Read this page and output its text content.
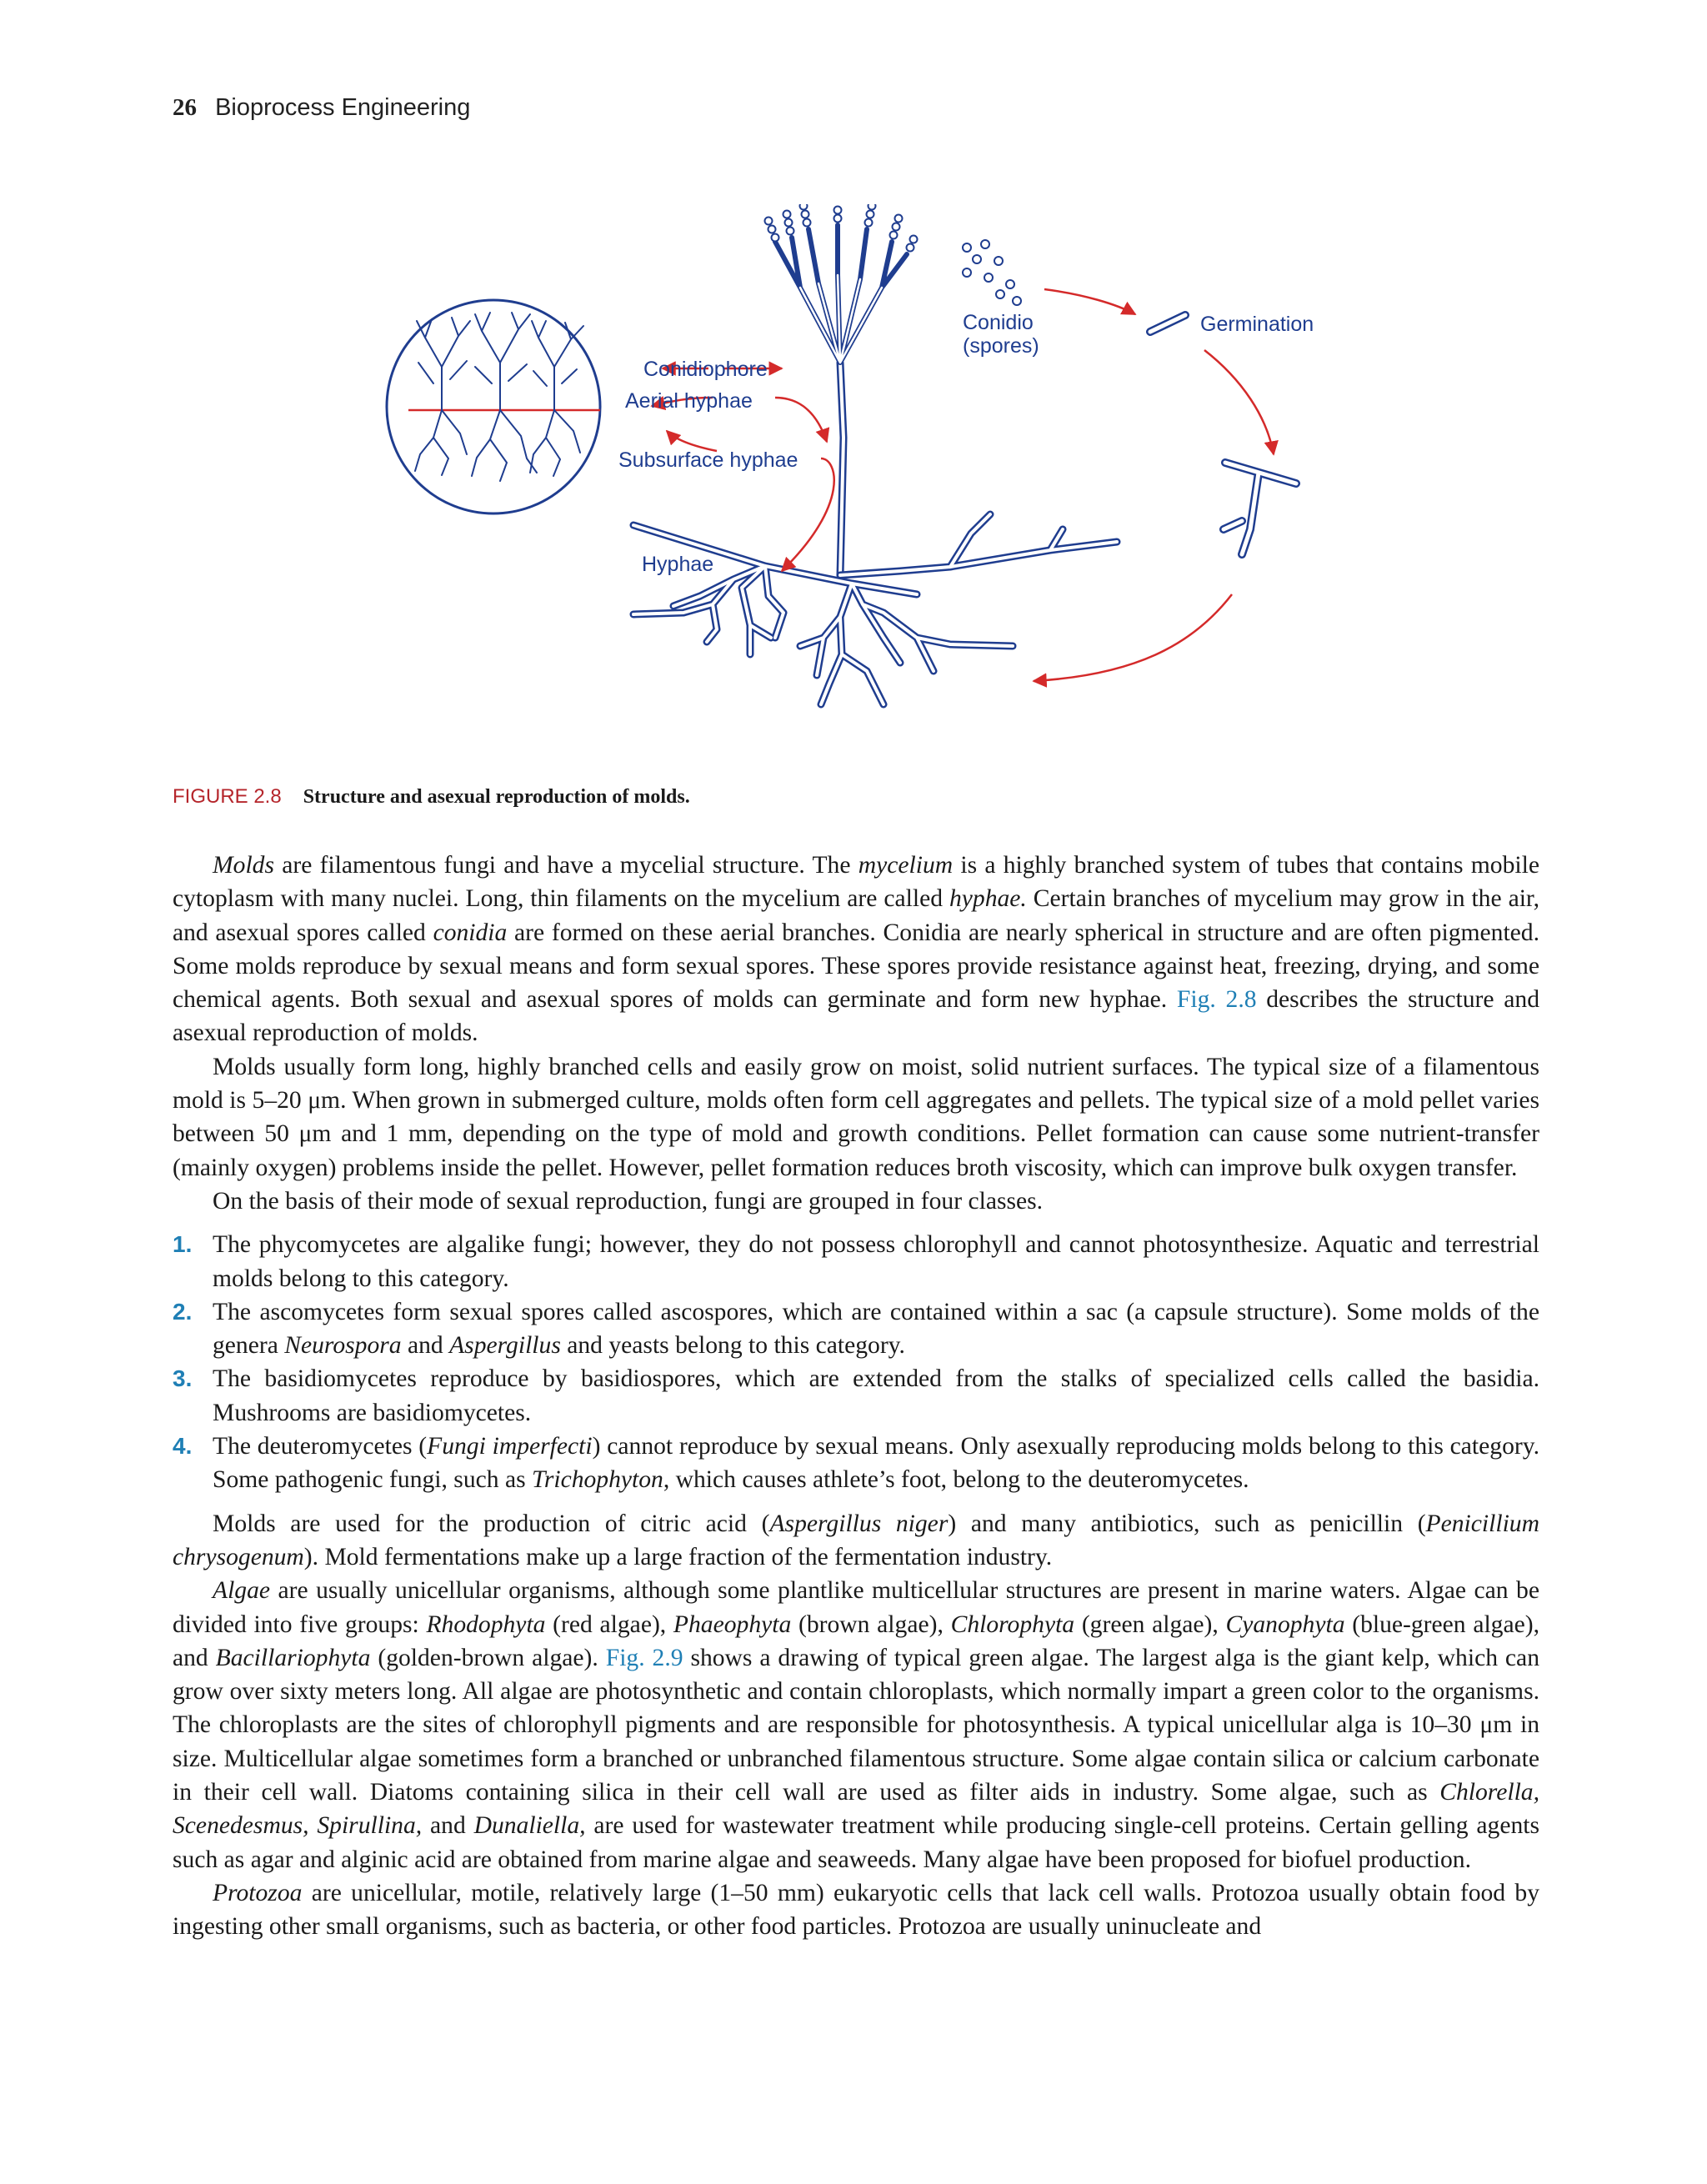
26 Bioprocess Engineering
Conidiophore
Aerial hyphae
Subsurface hyphae
Hyphae
Conidio
(spores)
Germination
FIGURE 2.8 Structure and asexual reproduction of molds.

Molds are filamentous fungi and have a mycelial structure. The mycelium is a highly branched system of tubes that contains mobile cytoplasm with many nuclei. Long, thin filaments on the mycelium are called hyphae. Certain branches of mycelium may grow in the air, and asexual spores called conidia are formed on these aerial branches. Conidia are nearly spherical in structure and are often pigmented. Some molds reproduce by sexual means and form sexual spores. These spores provide resistance against heat, freezing, drying, and some chemical agents. Both sexual and asexual spores of molds can germinate and form new hyphae. Fig. 2.8 describes the structure and asexual reproduction of molds.

Molds usually form long, highly branched cells and easily grow on moist, solid nutrient surfaces. The typical size of a filamentous mold is 5–20 μm. When grown in submerged culture, molds often form cell aggregates and pellets. The typical size of a mold pellet varies between 50 μm and 1 mm, depending on the type of mold and growth conditions. Pellet formation can cause some nutrient-transfer (mainly oxygen) problems inside the pellet. However, pellet formation reduces broth viscosity, which can improve bulk oxygen transfer.

On the basis of their mode of sexual reproduction, fungi are grouped in four classes.

1. The phycomycetes are algalike fungi; however, they do not possess chlorophyll and cannot photosynthesize. Aquatic and terrestrial molds belong to this category.
2. The ascomycetes form sexual spores called ascospores, which are contained within a sac (a capsule structure). Some molds of the genera Neurospora and Aspergillus and yeasts belong to this category.
3. The basidiomycetes reproduce by basidiospores, which are extended from the stalks of specialized cells called the basidia. Mushrooms are basidiomycetes.
4. The deuteromycetes (Fungi imperfecti) cannot reproduce by sexual means. Only asexually reproducing molds belong to this category. Some pathogenic fungi, such as Trichophyton, which causes athlete’s foot, belong to the deuteromycetes.

Molds are used for the production of citric acid (Aspergillus niger) and many antibiotics, such as penicillin (Penicillium chrysogenum). Mold fermentations make up a large fraction of the fermentation industry.

Algae are usually unicellular organisms, although some plantlike multicellular structures are present in marine waters. Algae can be divided into five groups: Rhodophyta (red algae), Phaeophyta (brown algae), Chlorophyta (green algae), Cyanophyta (blue-green algae), and Bacillariophyta (golden-brown algae). Fig. 2.9 shows a drawing of typical green algae. The largest alga is the giant kelp, which can grow over sixty meters long. All algae are photosynthetic and contain chloroplasts, which normally impart a green color to the organisms. The chloroplasts are the sites of chlorophyll pigments and are responsible for photosynthesis. A typical unicellular alga is 10–30 μm in size. Multicellular algae sometimes form a branched or unbranched filamentous structure. Some algae contain silica or calcium carbonate in their cell wall. Diatoms containing silica in their cell wall are used as filter aids in industry. Some algae, such as Chlorella, Scenedesmus, Spirullina, and Dunaliella, are used for wastewater treatment while producing single-cell proteins. Certain gelling agents such as agar and alginic acid are obtained from marine algae and seaweeds. Many algae have been proposed for biofuel production.

Protozoa are unicellular, motile, relatively large (1–50 mm) eukaryotic cells that lack cell walls. Protozoa usually obtain food by ingesting other small organisms, such as bacteria, or other food particles. Protozoa are usually uninucleate and
